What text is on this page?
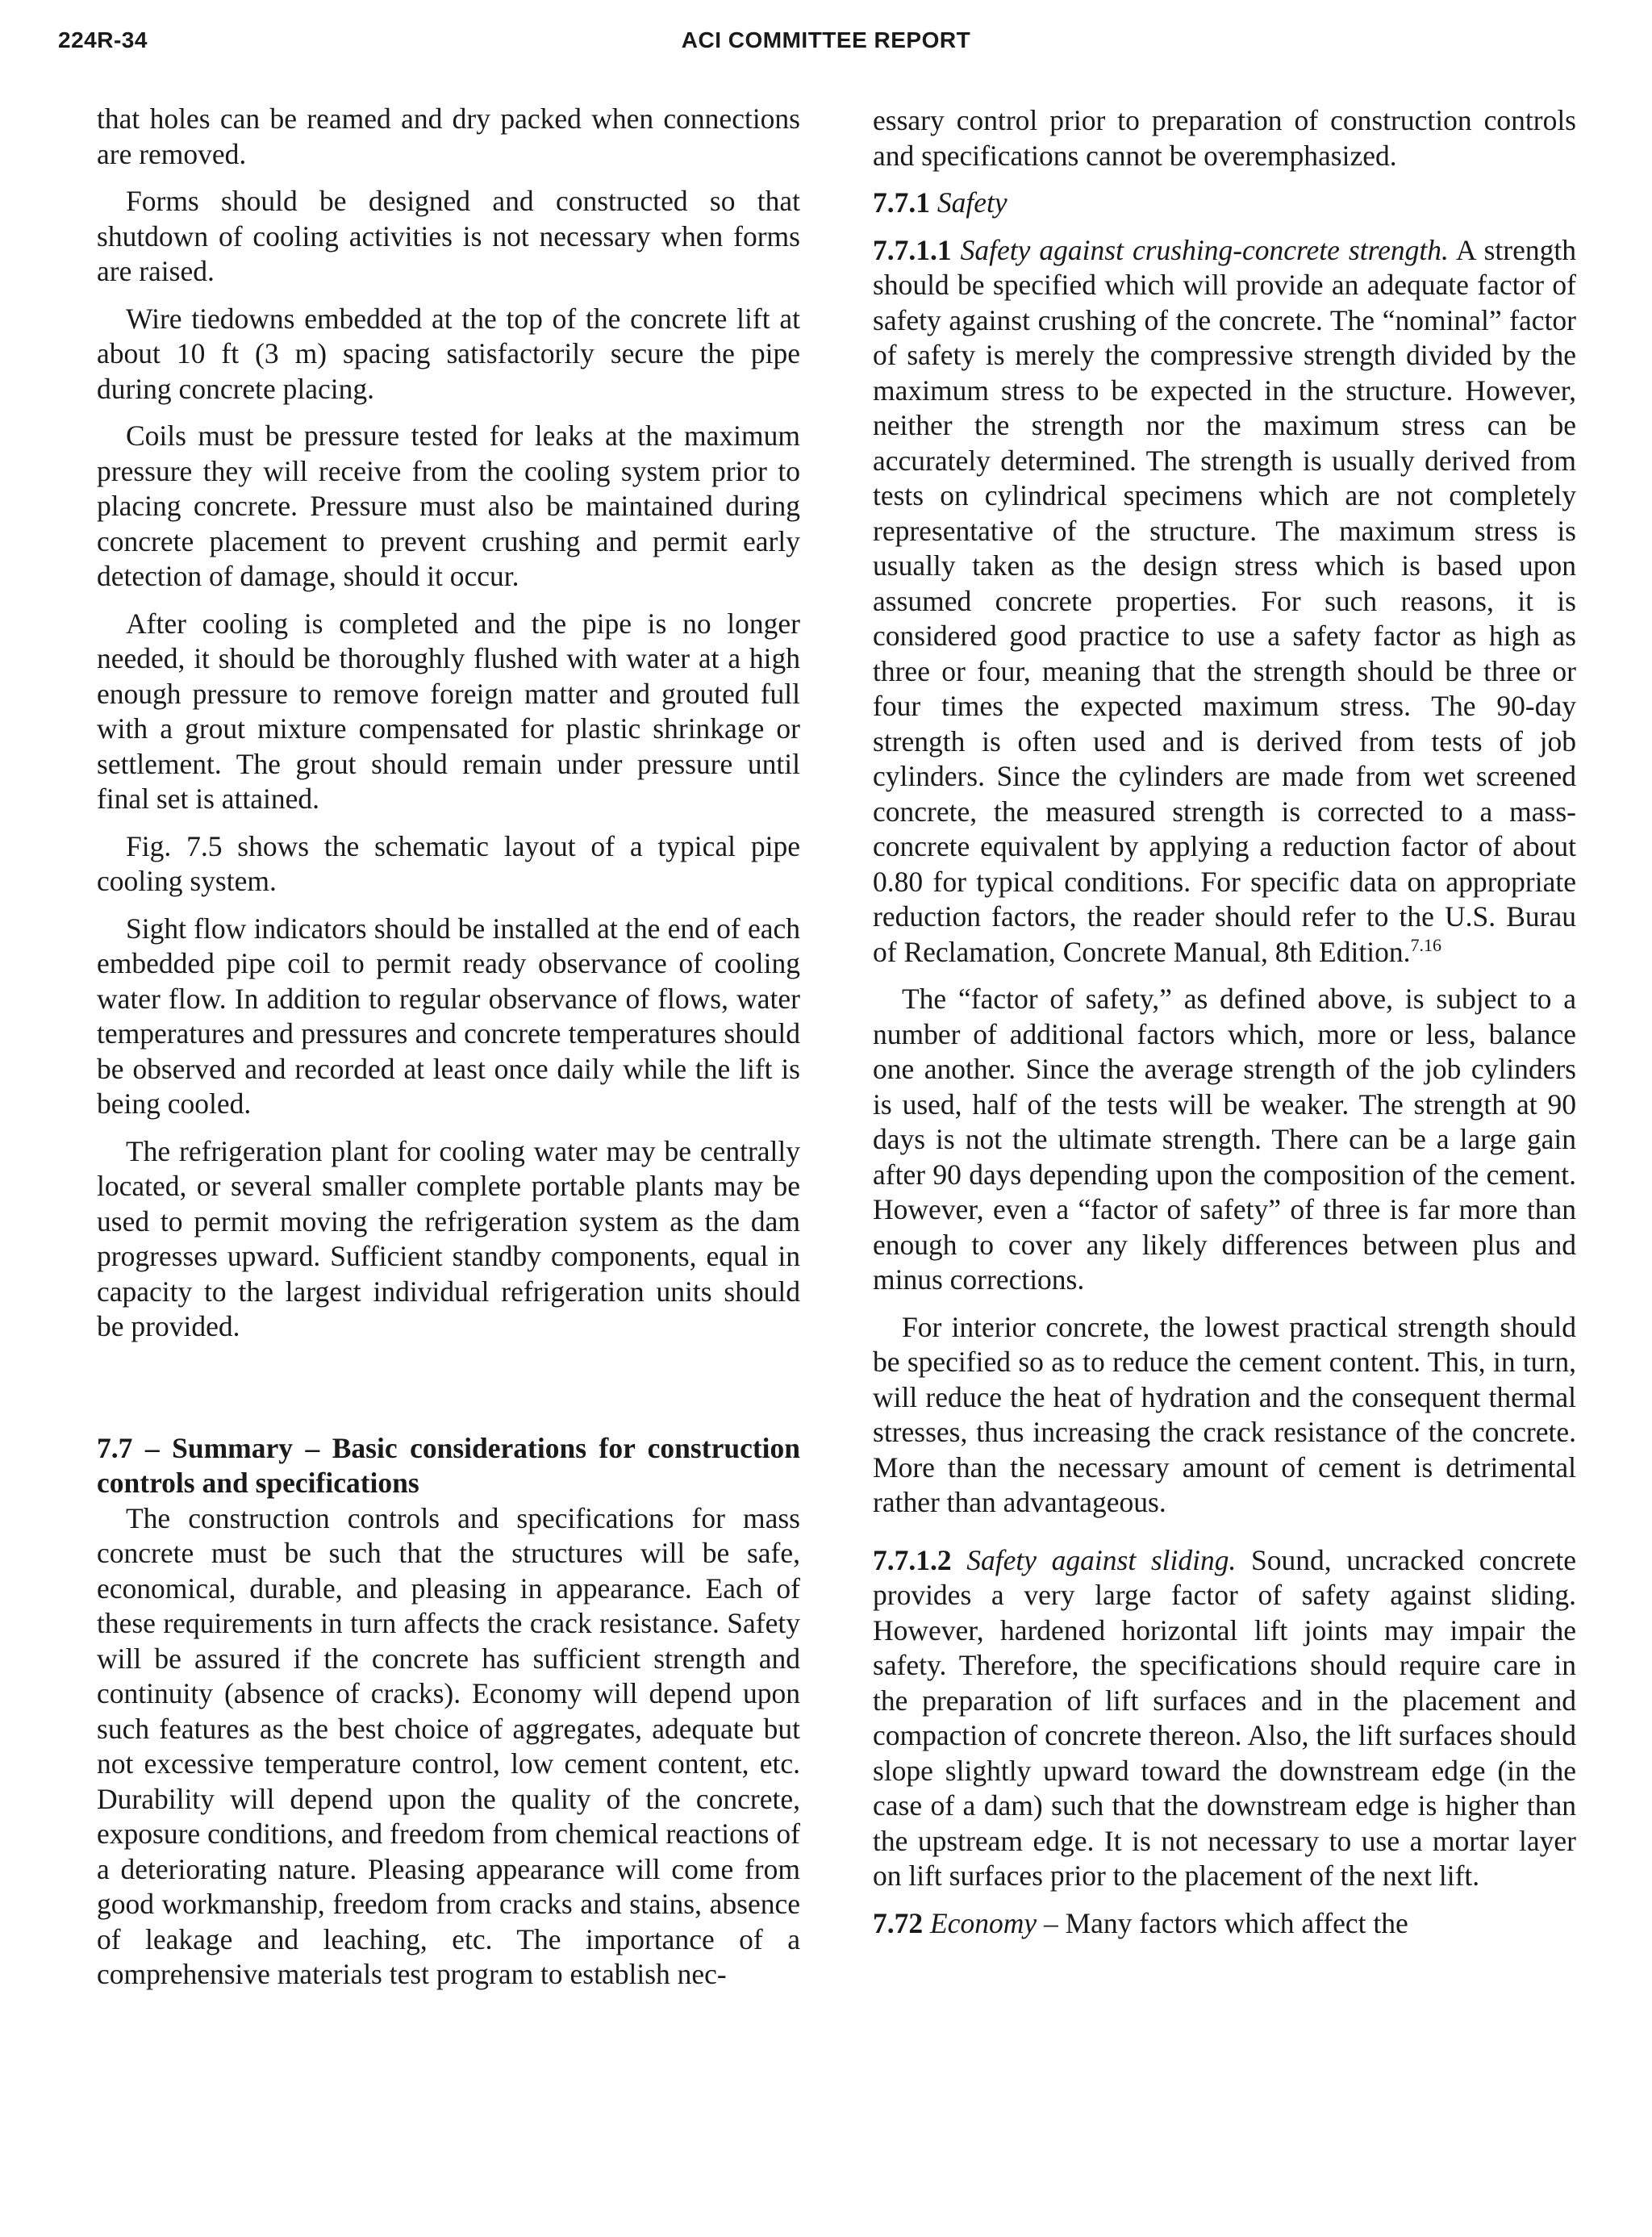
224R-34	ACI COMMITTEE REPORT

that holes can be reamed and dry packed when connections are removed.

Forms should be designed and constructed so that shutdown of cooling activities is not necessary when forms are raised.

Wire tiedowns embedded at the top of the concrete lift at about 10 ft (3 m) spacing satisfactorily secure the pipe during concrete placing.

Coils must be pressure tested for leaks at the maximum pressure they will receive from the cooling system prior to placing concrete. Pressure must also be maintained during concrete placement to prevent crushing and permit early detection of damage, should it occur.

After cooling is completed and the pipe is no longer needed, it should be thoroughly flushed with water at a high enough pressure to remove foreign matter and grouted full with a grout mixture compensated for plastic shrinkage or settlement. The grout should remain under pressure until final set is attained.

Fig. 7.5 shows the schematic layout of a typical pipe cooling system.

Sight flow indicators should be installed at the end of each embedded pipe coil to permit ready observance of cooling water flow. In addition to regular observance of flows, water temperatures and pressures and concrete temperatures should be observed and recorded at least once daily while the lift is being cooled.

The refrigeration plant for cooling water may be centrally located, or several smaller complete portable plants may be used to permit moving the refrigeration system as the dam progresses upward. Sufficient standby components, equal in capacity to the largest individual refrigeration units should be provided.

7.7 – Summary – Basic considerations for construction controls and specifications

The construction controls and specifications for mass concrete must be such that the structures will be safe, economical, durable, and pleasing in appearance. Each of these requirements in turn affects the crack resistance. Safety will be assured if the concrete has sufficient strength and continuity (absence of cracks). Economy will depend upon such features as the best choice of aggregates, adequate but not excessive temperature control, low cement content, etc. Durability will depend upon the quality of the concrete, exposure conditions, and freedom from chemical reactions of a deteriorating nature. Pleasing appearance will come from good workmanship, freedom from cracks and stains, absence of leakage and leaching, etc. The importance of a comprehensive materials test program to establish nec-

essary control prior to preparation of construction controls and specifications cannot be overemphasized.

7.7.1 Safety

7.7.1.1 Safety against crushing-concrete strength. A strength should be specified which will provide an adequate factor of safety against crushing of the concrete. The “nominal” factor of safety is merely the compressive strength divided by the maximum stress to be expected in the structure. However, neither the strength nor the maximum stress can be accurately determined. The strength is usually derived from tests on cylindrical specimens which are not completely representative of the structure. The maximum stress is usually taken as the design stress which is based upon assumed concrete properties. For such reasons, it is considered good practice to use a safety factor as high as three or four, meaning that the strength should be three or four times the expected maximum stress. The 90-day strength is often used and is derived from tests of job cylinders. Since the cylinders are made from wet screened concrete, the measured strength is corrected to a mass-concrete equivalent by applying a reduction factor of about 0.80 for typical conditions. For specific data on appropriate reduction factors, the reader should refer to the U.S. Burau of Reclamation, Concrete Manual, 8th Edition.$^{7.16}$

The “factor of safety,” as defined above, is subject to a number of additional factors which, more or less, balance one another. Since the average strength of the job cylinders is used, half of the tests will be weaker. The strength at 90 days is not the ultimate strength. There can be a large gain after 90 days depending upon the composition of the cement. However, even a “factor of safety” of three is far more than enough to cover any likely differences between plus and minus corrections.

For interior concrete, the lowest practical strength should be specified so as to reduce the cement content. This, in turn, will reduce the heat of hydration and the consequent thermal stresses, thus increasing the crack resistance of the concrete. More than the necessary amount of cement is detrimental rather than advantageous.

7.7.1.2 Safety against sliding. Sound, uncracked concrete provides a very large factor of safety against sliding. However, hardened horizontal lift joints may impair the safety. Therefore, the specifications should require care in the preparation of lift surfaces and in the placement and compaction of concrete thereon. Also, the lift surfaces should slope slightly upward toward the downstream edge (in the case of a dam) such that the downstream edge is higher than the upstream edge. It is not necessary to use a mortar layer on lift surfaces prior to the placement of the next lift.

7.72 Economy – Many factors which affect the
